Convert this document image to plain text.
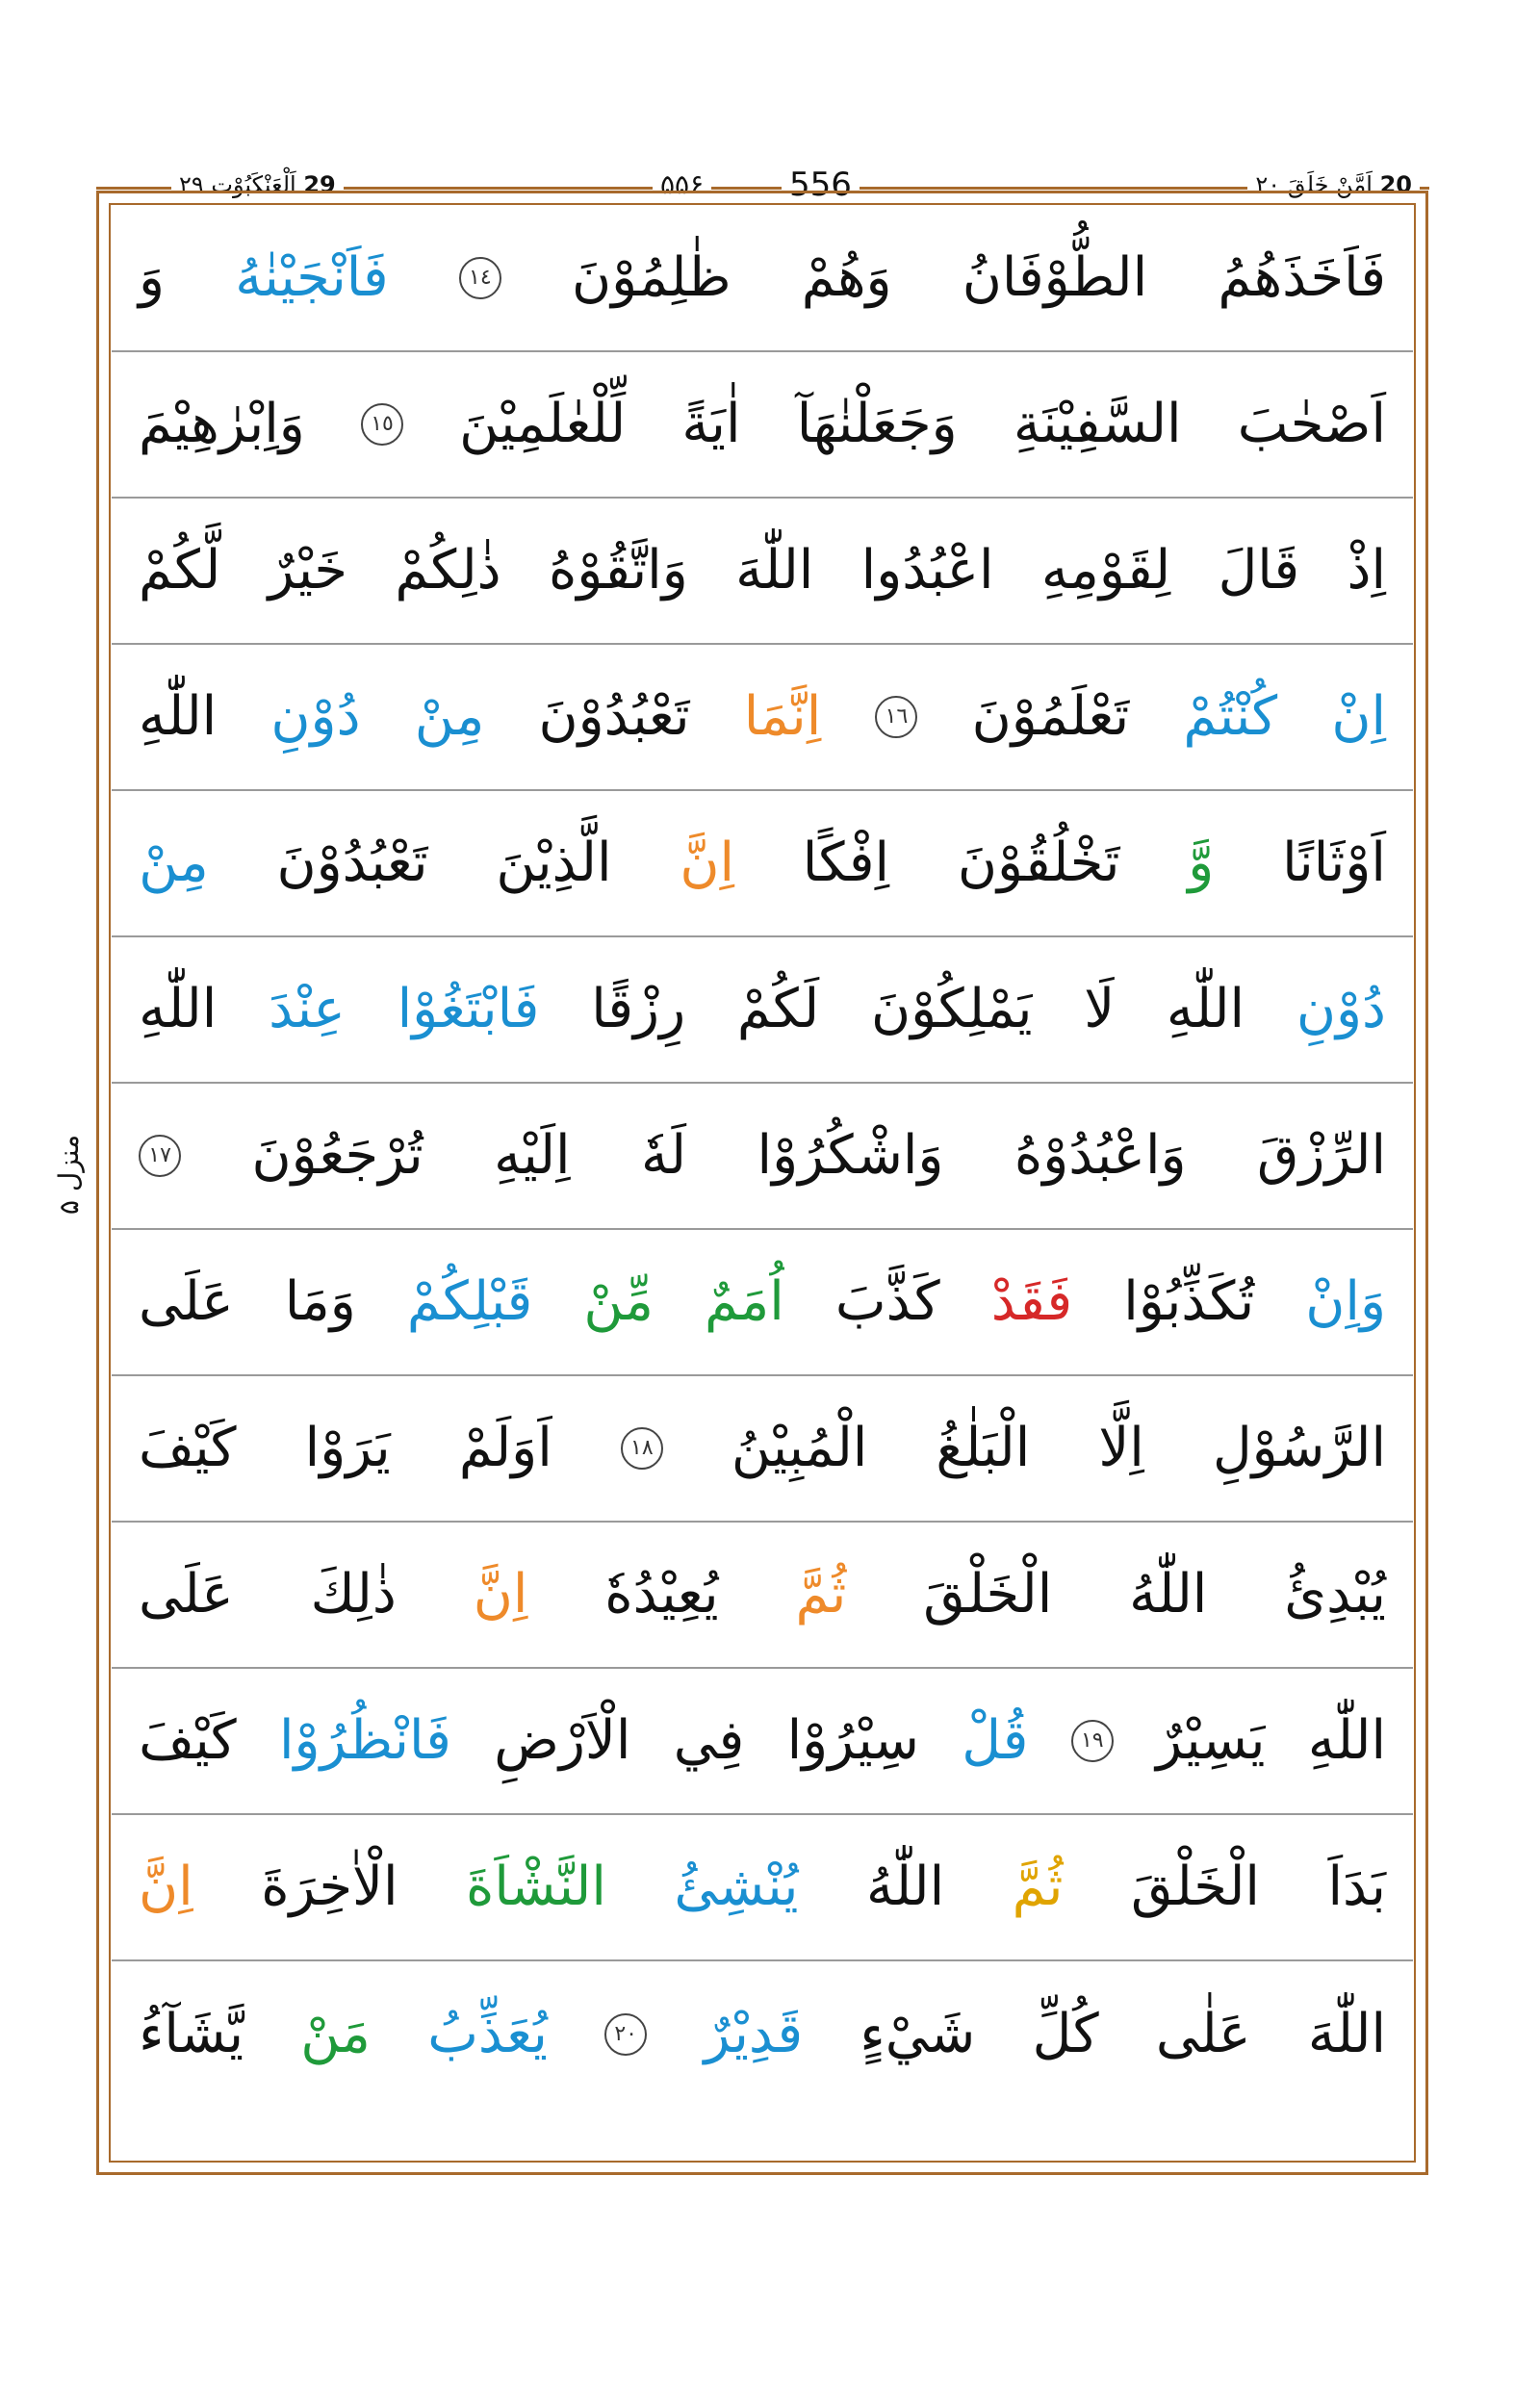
29 اَلْعَنْكَبُوْت ۲۹	۵۵۶	556	20 اَمَّنْ خَلَقَ ۲۰
منزل ۵
فَاَخَذَهُمُ
الطُّوْفَانُ
وَهُمْ
ظٰلِمُوْنَ
١٤
فَاَنْجَيْنٰهُ
وَ
اَصْحٰبَ
السَّفِيْنَةِ
وَجَعَلْنٰهَآ
اٰيَةً
لِّلْعٰلَمِيْنَ
١٥
وَاِبْرٰهِيْمَ
اِذْ
قَالَ
لِقَوْمِهِ
اعْبُدُوا
اللّٰهَ
وَاتَّقُوْهُ
ذٰلِكُمْ
خَيْرٌ
لَّكُمْ
اِنْ
كُنْتُمْ
تَعْلَمُوْنَ
١٦
اِنَّمَا
تَعْبُدُوْنَ
مِنْ
دُوْنِ
اللّٰهِ
اَوْثَانًا
وَّ
تَخْلُقُوْنَ
اِفْكًا
اِنَّ
الَّذِيْنَ
تَعْبُدُوْنَ
مِنْ
دُوْنِ
اللّٰهِ
لَا
يَمْلِكُوْنَ
لَكُمْ
رِزْقًا
فَابْتَغُوْا
عِنْدَ
اللّٰهِ
الرِّزْقَ
وَاعْبُدُوْهُ
وَاشْكُرُوْا
لَهٗ
اِلَيْهِ
تُرْجَعُوْنَ
١٧
وَاِنْ
تُكَذِّبُوْا
فَقَدْ
كَذَّبَ
اُمَمٌ
مِّنْ
قَبْلِكُمْ
وَمَا
عَلَى
الرَّسُوْلِ
اِلَّا
الْبَلٰغُ
الْمُبِيْنُ
١٨
اَوَلَمْ
يَرَوْا
كَيْفَ
يُبْدِئُ
اللّٰهُ
الْخَلْقَ
ثُمَّ
يُعِيْدُهٗ
اِنَّ
ذٰلِكَ
عَلَى
اللّٰهِ
يَسِيْرٌ
١٩
قُلْ
سِيْرُوْا
فِي
الْاَرْضِ
فَانْظُرُوْا
كَيْفَ
بَدَاَ
الْخَلْقَ
ثُمَّ
اللّٰهُ
يُنْشِئُ
النَّشْاَةَ
الْاٰخِرَةَ
اِنَّ
اللّٰهَ
عَلٰى
كُلِّ
شَيْءٍ
قَدِيْرٌ
٢٠
يُعَذِّبُ
مَنْ
يَّشَآءُ
